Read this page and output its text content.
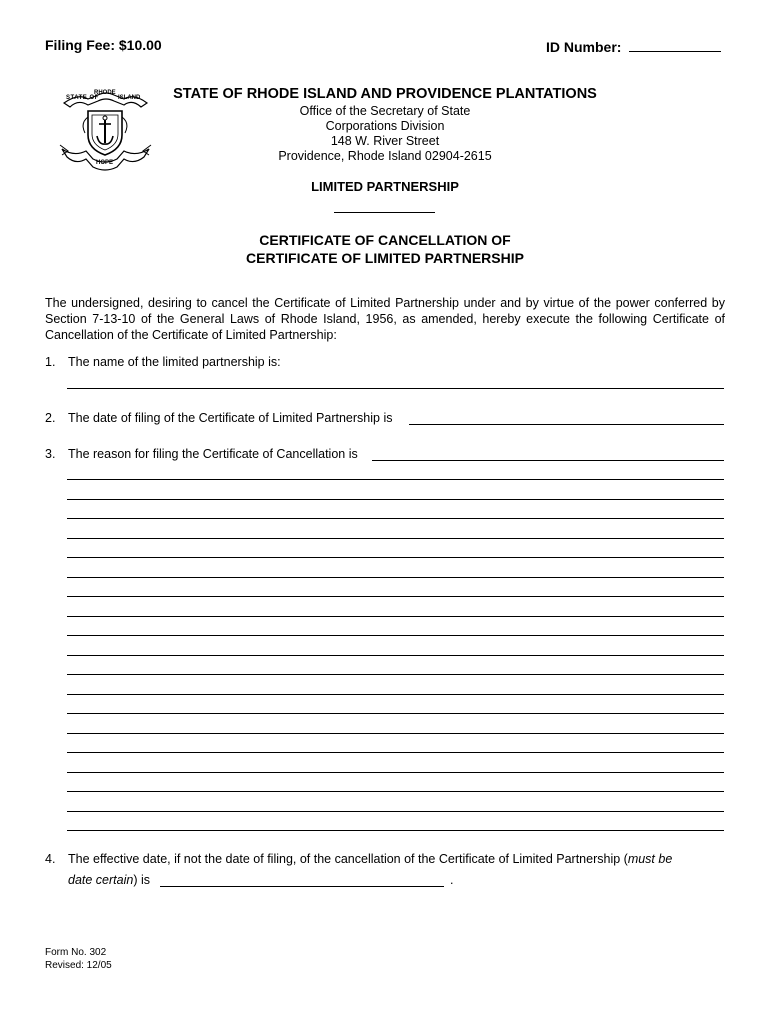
Filing Fee: $10.00	ID Number:
STATE OF
RHODE
ISLAND
HOPE
STATE OF RHODE ISLAND AND PROVIDENCE PLANTATIONS
Office of the Secretary of State
Corporations Division
148 W. River Street
Providence, Rhode Island 02904-2615
LIMITED PARTNERSHIP
CERTIFICATE OF CANCELLATION OF
CERTIFICATE OF LIMITED PARTNERSHIP
The undersigned, desiring to cancel the Certificate of Limited Partnership under and by virtue of the power conferred by Section 7-13-10 of the General Laws of Rhode Island, 1956, as amended, hereby execute the following Certificate of Cancellation of the Certificate of Limited Partnership:
1. The name of the limited partnership is:
2. The date of filing of the Certificate of Limited Partnership is
3. The reason for filing the Certificate of Cancellation is
4. The effective date, if not the date of filing, of the cancellation of the Certificate of Limited Partnership (must be
date certain) is	.
Form No. 302
Revised: 12/05
